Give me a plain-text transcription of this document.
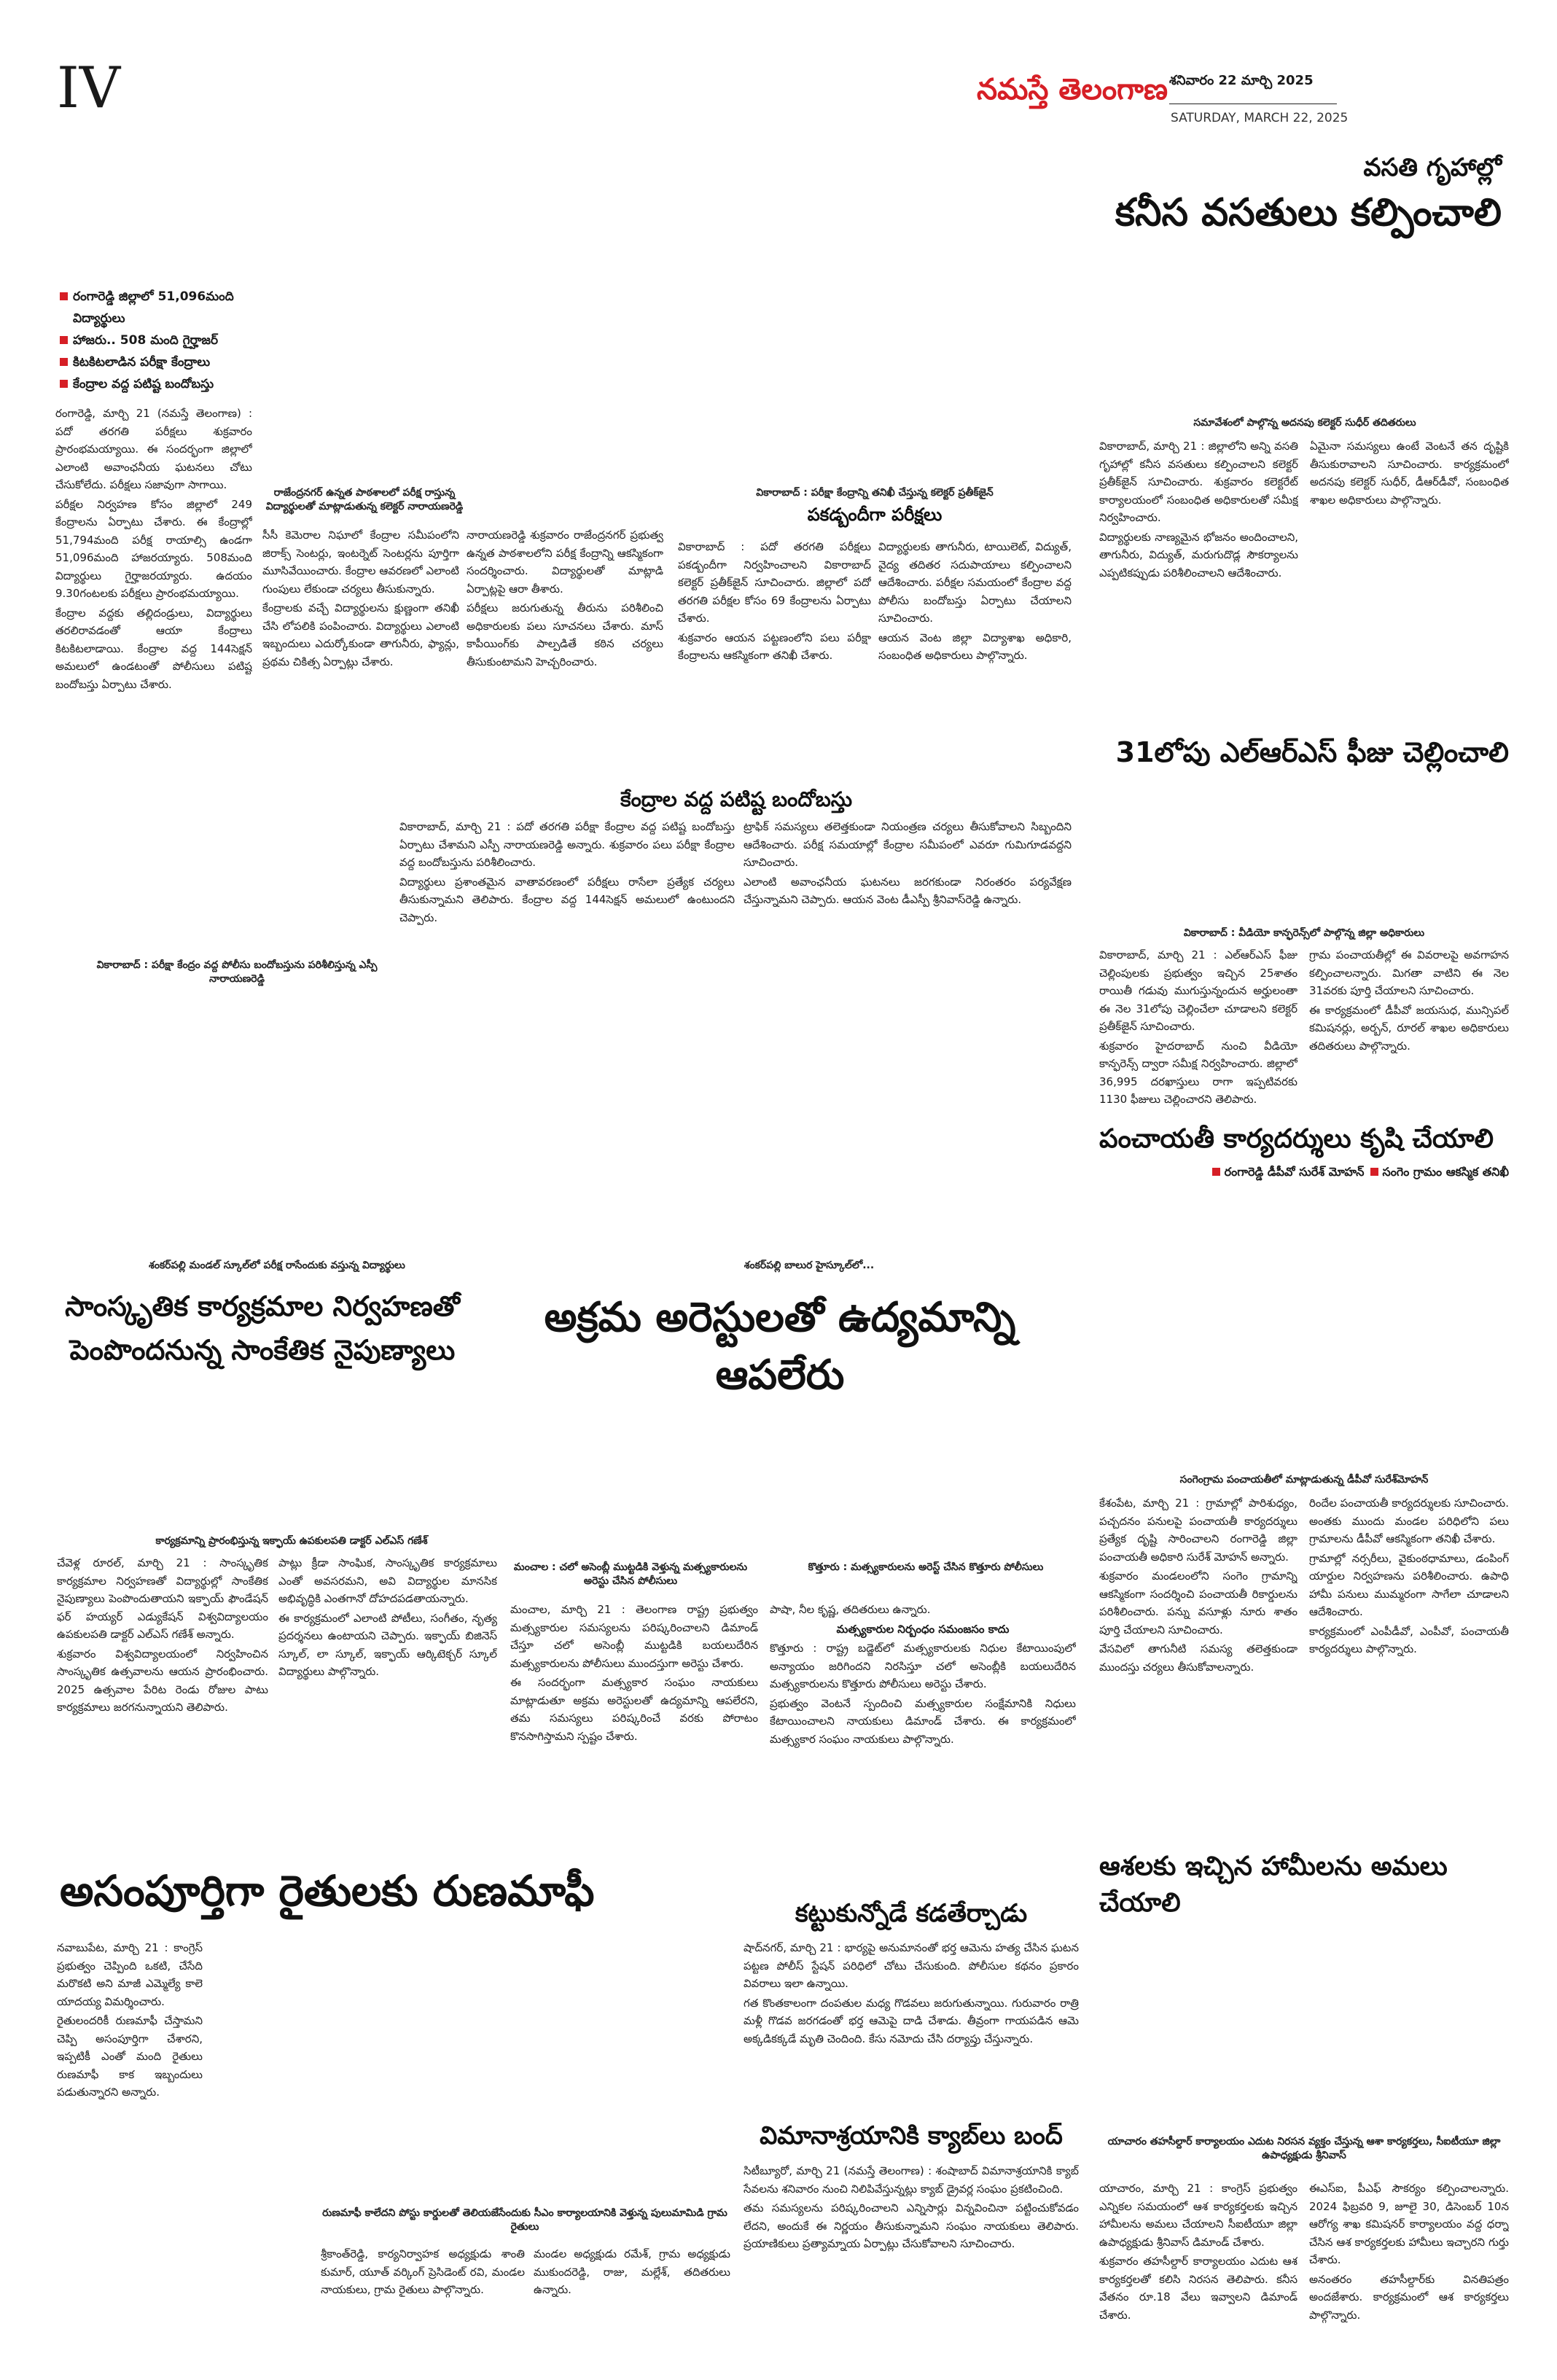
IV	నమస్తే తెలంగాణ శనివారం 22 మార్చి 2025
SATURDAY, MARCH 22, 2025
వసతి గృహాల్లో
కనీస వసతులు కల్పించాలి
సమావేశంలో పాల్గొన్న అదనపు కలెక్టర్ సుధీర్ తదితరులు

వికారాబాద్, మార్చి 21 : జిల్లాలోని అన్ని వసతి గృహాల్లో కనీస వసతులు కల్పించాలని కలెక్టర్ ప్రతీక్‌జైన్ సూచించారు. శుక్రవారం కలెక్టరేట్ కార్యాలయంలో సంబంధిత అధికారులతో సమీక్ష నిర్వహించారు.

విద్యార్థులకు నాణ్యమైన భోజనం అందించాలని, తాగునీరు, విద్యుత్, మరుగుదొడ్ల సౌకర్యాలను ఎప్పటికప్పుడు పరిశీలించాలని ఆదేశించారు.

ఏమైనా సమస్యలు ఉంటే వెంటనే తన దృష్టికి తీసుకురావాలని సూచించారు. కార్యక్రమంలో అదనపు కలెక్టర్ సుధీర్, డీఆర్‌డీవో, సంబంధిత శాఖల అధికారులు పాల్గొన్నారు.

రంగారెడ్డి జిల్లాలో 51,096మంది విద్యార్థులు
హాజరు.. 508 మంది గైర్హాజర్
కిటకిటలాడిన పరీక్షా కేంద్రాలు
కేంద్రాల వద్ద పటిష్ట బందోబస్తు

రంగారెడ్డి, మార్చి 21 (నమస్తే తెలంగాణ) : పదో తరగతి పరీక్షలు శుక్రవారం ప్రారంభమయ్యాయి. ఈ సందర్భంగా జిల్లాలో ఎలాంటి అవాంఛనీయ ఘటనలు చోటు చేసుకోలేదు. పరీక్షలు సజావుగా సాగాయి.

పరీక్షల నిర్వహణ కోసం జిల్లాలో 249 కేంద్రాలను ఏర్పాటు చేశారు. ఈ కేంద్రాల్లో 51,794మంది పరీక్ష రాయాల్సి ఉండగా 51,096మంది హాజరయ్యారు. 508మంది విద్యార్థులు గైర్హాజరయ్యారు. ఉదయం 9.30గంటలకు పరీక్షలు ప్రారంభమయ్యాయి.

కేంద్రాల వద్దకు తల్లిదండ్రులు, విద్యార్థులు తరలిరావడంతో ఆయా కేంద్రాలు కిటకిటలాడాయి. కేంద్రాల వద్ద 144సెక్షన్ అమలులో ఉండటంతో పోలీసులు పటిష్ట బందోబస్తు ఏర్పాటు చేశారు.

రాజేంద్రనగర్ ఉన్నత పాఠశాలలో పరీక్ష రాస్తున్న విద్యార్థులతో మాట్లాడుతున్న కలెక్టర్ నారాయణరెడ్డి

సీసీ కెమెరాల నిఘాలో కేంద్రాల సమీపంలోని జిరాక్స్ సెంటర్లు, ఇంటర్నెట్ సెంటర్లను పూర్తిగా మూసివేయించారు. కేంద్రాల ఆవరణలో ఎలాంటి గుంపులు లేకుండా చర్యలు తీసుకున్నారు.

కేంద్రాలకు వచ్చే విద్యార్థులను క్షుణ్ణంగా తనిఖీ చేసి లోపలికి పంపించారు. విద్యార్థులు ఎలాంటి ఇబ్బందులు ఎదుర్కోకుండా తాగునీరు, ఫ్యాన్లు, ప్రథమ చికిత్స ఏర్పాట్లు చేశారు.

నారాయణరెడ్డి శుక్రవారం రాజేంద్రనగర్ ప్రభుత్వ ఉన్నత పాఠశాలలోని పరీక్ష కేంద్రాన్ని ఆకస్మికంగా సందర్శించారు. విద్యార్థులతో మాట్లాడి ఏర్పాట్లపై ఆరా తీశారు.

పరీక్షలు జరుగుతున్న తీరును పరిశీలించి అధికారులకు పలు సూచనలు చేశారు. మాస్ కాపీయింగ్‌కు పాల్పడితే కఠిన చర్యలు తీసుకుంటామని హెచ్చరించారు.

వికారాబాద్ : పరీక్షా కేంద్రాన్ని తనిఖీ చేస్తున్న కలెక్టర్ ప్రతీక్‌జైన్
పకడ్బందీగా పరీక్షలు

వికారాబాద్ : పదో తరగతి పరీక్షలు పకడ్బందీగా నిర్వహించాలని వికారాబాద్ కలెక్టర్ ప్రతీక్‌జైన్ సూచించారు. జిల్లాలో పదో తరగతి పరీక్షల కోసం 69 కేంద్రాలను ఏర్పాటు చేశారు.

శుక్రవారం ఆయన పట్టణంలోని పలు పరీక్షా కేంద్రాలను ఆకస్మికంగా తనిఖీ చేశారు.

విద్యార్థులకు తాగునీరు, టాయిలెట్, విద్యుత్, వైద్య తదితర సదుపాయాలు కల్పించాలని ఆదేశించారు. పరీక్షల సమయంలో కేంద్రాల వద్ద పోలీసు బందోబస్తు ఏర్పాటు చేయాలని సూచించారు.

ఆయన వెంట జిల్లా విద్యాశాఖ అధికారి, సంబంధిత అధికారులు పాల్గొన్నారు.

వికారాబాద్ : పరీక్షా కేంద్రం వద్ద పోలీసు బందోబస్తును పరిశీలిస్తున్న ఎస్పీ నారాయణరెడ్డి
కేంద్రాల వద్ద పటిష్ట బందోబస్తు

వికారాబాద్, మార్చి 21 : పదో తరగతి పరీక్షా కేంద్రాల వద్ద పటిష్ట బందోబస్తు ఏర్పాటు చేశామని ఎస్పీ నారాయణరెడ్డి అన్నారు. శుక్రవారం పలు పరీక్షా కేంద్రాల వద్ద బందోబస్తును పరిశీలించారు.

విద్యార్థులు ప్రశాంతమైన వాతావరణంలో పరీక్షలు రాసేలా ప్రత్యేక చర్యలు తీసుకున్నామని తెలిపారు. కేంద్రాల వద్ద 144సెక్షన్ అమలులో ఉంటుందని చెప్పారు.

ట్రాఫిక్ సమస్యలు తలెత్తకుండా నియంత్రణ చర్యలు తీసుకోవాలని సిబ్బందిని ఆదేశించారు. పరీక్ష సమయాల్లో కేంద్రాల సమీపంలో ఎవరూ గుమిగూడవద్దని సూచించారు.

ఎలాంటి అవాంఛనీయ ఘటనలు జరగకుండా నిరంతరం పర్యవేక్షణ చేస్తున్నామని చెప్పారు. ఆయన వెంట డీఎస్పీ శ్రీనివాస్‌రెడ్డి ఉన్నారు.

31లోపు ఎల్ఆర్ఎస్ ఫీజు చెల్లించాలి
వికారాబాద్ : వీడియో కాన్ఫరెన్స్‌లో పాల్గొన్న జిల్లా అధికారులు

వికారాబాద్, మార్చి 21 : ఎల్‌ఆర్‌ఎస్ ఫీజు చెల్లింపులకు ప్రభుత్వం ఇచ్చిన 25శాతం రాయితీ గడువు ముగుస్తున్నందున అర్హులంతా ఈ నెల 31లోపు చెల్లించేలా చూడాలని కలెక్టర్ ప్రతీక్‌జైన్ సూచించారు.

శుక్రవారం హైదరాబాద్ నుంచి వీడియో కాన్ఫరెన్స్ ద్వారా సమీక్ష నిర్వహించారు. జిల్లాలో 36,995 దరఖాస్తులు రాగా ఇప్పటివరకు 1130 ఫీజులు చెల్లించారని తెలిపారు.

గ్రామ పంచాయతీల్లో ఈ వివరాలపై అవగాహన కల్పించాలన్నారు. మిగతా వాటిని ఈ నెల 31వరకు పూర్తి చేయాలని సూచించారు.

ఈ కార్యక్రమంలో డీపీవో జయసుధ, మున్సిపల్ కమిషనర్లు, అర్బన్, రూరల్ శాఖల అధికారులు తదితరులు పాల్గొన్నారు.

పంచాయతీ కార్యదర్శులు కృషి చేయాలి
రంగారెడ్డి డీపీవో సురేశ్ మోహన్ సంగెం గ్రామం ఆకస్మిక తనిఖీ
సంగెంగ్రామ పంచాయతీలో మాట్లాడుతున్న డీపీవో సురేశ్‌మోహన్

కేశంపేట, మార్చి 21 : గ్రామాల్లో పారిశుధ్యం, పచ్చదనం పనులపై పంచాయతీ కార్యదర్శులు ప్రత్యేక దృష్టి సారించాలని రంగారెడ్డి జిల్లా పంచాయతీ అధికారి సురేశ్ మోహన్ అన్నారు.

శుక్రవారం మండలంలోని సంగెం గ్రామాన్ని ఆకస్మికంగా సందర్శించి పంచాయతీ రికార్డులను పరిశీలించారు. పన్ను వసూళ్లు నూరు శాతం పూర్తి చేయాలని సూచించారు.

వేసవిలో తాగునీటి సమస్య తలెత్తకుండా ముందస్తు చర్యలు తీసుకోవాలన్నారు.

రిందేల పంచాయతీ కార్యదర్శులకు సూచించారు. అంతకు ముందు మండల పరిధిలోని పలు గ్రామాలను డీపీవో ఆకస్మికంగా తనిఖీ చేశారు.

గ్రామాల్లో నర్సరీలు, వైకుంఠధామాలు, డంపింగ్ యార్డుల నిర్వహణను పరిశీలించారు. ఉపాధి హామీ పనులు ముమ్మరంగా సాగేలా చూడాలని ఆదేశించారు.

కార్యక్రమంలో ఎంపీడీవో, ఎంపీవో, పంచాయతీ కార్యదర్శులు పాల్గొన్నారు.

ఆశలకు ఇచ్చిన హామీలను అమలు చేయాలి
శంకర్‌పల్లి మండల్ స్కూల్‌లో పరీక్ష రాసేందుకు వస్తున్న విద్యార్థులు
సాంస్కృతిక కార్యక్రమాల నిర్వహణతో
పెంపొందనున్న సాంకేతిక నైపుణ్యాలు
కార్యక్రమాన్ని ప్రారంభిస్తున్న ఇక్ఫాయ్ ఉపకులపతి డాక్టర్ ఎల్ఎస్ గణేశ్

చేవెళ్ల రూరల్, మార్చి 21 : సాంస్కృతిక కార్యక్రమాల నిర్వహణతో విద్యార్థుల్లో సాంకేతిక నైపుణ్యాలు పెంపొందుతాయని ఇక్ఫాయ్ ఫౌండేషన్ ఫర్ హయ్యర్ ఎడ్యుకేషన్ విశ్వవిద్యాలయం ఉపకులపతి డాక్టర్ ఎల్ఎస్ గణేశ్ అన్నారు.

శుక్రవారం విశ్వవిద్యాలయంలో నిర్వహించిన సాంస్కృతిక ఉత్సవాలను ఆయన ప్రారంభించారు. 2025 ఉత్సవాల పేరిట రెండు రోజుల పాటు కార్యక్రమాలు జరగనున్నాయని తెలిపారు.

పాట్లు క్రీడా సాంఘిక, సాంస్కృతిక కార్యక్రమాలు ఎంతో అవసరమని, అవి విద్యార్థుల మానసిక అభివృద్ధికి ఎంతగానో దోహదపడతాయన్నారు.

ఈ కార్యక్రమంలో ఎలాంటి పోటీలు, సంగీతం, నృత్య ప్రదర్శనలు ఉంటాయని చెప్పారు. ఇక్ఫాయ్ బిజినెస్ స్కూల్, లా స్కూల్, ఇక్ఫాయ్ ఆర్కిటెక్చర్ స్కూల్ విద్యార్థులు పాల్గొన్నారు.

శంకర్‌పల్లి బాలుర హైస్కూల్‌లో...
అక్రమ అరెస్టులతో ఉద్యమాన్ని ఆపలేరు
మంచాల : చలో అసెంబ్లీ ముట్టడికి వెళ్తున్న మత్స్యకారులను అరెస్టు చేసిన పోలీసులు
కొత్తూరు : మత్స్యకారులను అరెస్ట్ చేసిన కొత్తూరు పోలీసులు

మంచాల, మార్చి 21 : తెలంగాణ రాష్ట్ర ప్రభుత్వం మత్స్యకారుల సమస్యలను పరిష్కరించాలని డిమాండ్ చేస్తూ చలో అసెంబ్లీ ముట్టడికి బయలుదేరిన మత్స్యకారులను పోలీసులు ముందస్తుగా అరెస్టు చేశారు.

ఈ సందర్భంగా మత్స్యకార సంఘం నాయకులు మాట్లాడుతూ అక్రమ అరెస్టులతో ఉద్యమాన్ని ఆపలేరని, తమ సమస్యలు పరిష్కరించే వరకు పోరాటం కొనసాగిస్తామని స్పష్టం చేశారు.

పాషా, నీల కృష్ణ, తదితరులు ఉన్నారు.

మత్స్యకారుల నిర్బంధం సమంజసం కాదు

కొత్తూరు : రాష్ట్ర బడ్జెట్‌లో మత్స్యకారులకు నిధుల కేటాయింపులో అన్యాయం జరిగిందని నిరసిస్తూ చలో అసెంబ్లీకి బయలుదేరిన మత్స్యకారులను కొత్తూరు పోలీసులు అరెస్టు చేశారు.

ప్రభుత్వం వెంటనే స్పందించి మత్స్యకారుల సంక్షేమానికి నిధులు కేటాయించాలని నాయకులు డిమాండ్ చేశారు. ఈ కార్యక్రమంలో మత్స్యకార సంఘం నాయకులు పాల్గొన్నారు.

అసంపూర్తిగా రైతులకు రుణమాఫీ

నవాబుపేట, మార్చి 21 : కాంగ్రెస్ ప్రభుత్వం చెప్పింది ఒకటి, చేసేది మరొకటి అని మాజీ ఎమ్మెల్యే కాలె యాదయ్య విమర్శించారు.

రైతులందరికీ రుణమాఫీ చేస్తామని చెప్పి అసంపూర్తిగా చేశారని, ఇప్పటికీ ఎంతో మంది రైతులు రుణమాఫీ కాక ఇబ్బందులు పడుతున్నారని అన్నారు.

రుణమాఫీ కాలేదని పోస్టు కార్డులతో తెలియజేసేందుకు సీఎం కార్యాలయానికి వెళ్తున్న పులుమామిడి గ్రామ రైతులు

శ్రీకాంత్‌రెడ్డి, కార్యనిర్వాహక అధ్యక్షుడు శాంతి కుమార్, యూత్ వర్కింగ్ ప్రెసిడెంట్ రవి, మండల నాయకులు, గ్రామ రైతులు పాల్గొన్నారు.

మండల అధ్యక్షుడు రమేశ్, గ్రామ అధ్యక్షుడు ముకుందరెడ్డి, రాజు, మల్లేశ్, తదితరులు ఉన్నారు.

కట్టుకున్నోడే కడతేర్చాడు

షాద్‌నగర్, మార్చి 21 : భార్యపై అనుమానంతో భర్త ఆమెను హత్య చేసిన ఘటన పట్టణ పోలీస్ స్టేషన్ పరిధిలో చోటు చేసుకుంది. పోలీసుల కథనం ప్రకారం వివరాలు ఇలా ఉన్నాయి.

గత కొంతకాలంగా దంపతుల మధ్య గొడవలు జరుగుతున్నాయి. గురువారం రాత్రి మళ్లీ గొడవ జరగడంతో భర్త ఆమెపై దాడి చేశాడు. తీవ్రంగా గాయపడిన ఆమె అక్కడికక్కడే మృతి చెందింది. కేసు నమోదు చేసి దర్యాప్తు చేస్తున్నారు.

విమానాశ్రయానికి క్యాబ్‌లు బంద్

సిటీబ్యూరో, మార్చి 21 (నమస్తే తెలంగాణ) : శంషాబాద్ విమానాశ్రయానికి క్యాబ్ సేవలను శనివారం నుంచి నిలిపివేస్తున్నట్లు క్యాబ్ డ్రైవర్ల సంఘం ప్రకటించింది.

తమ సమస్యలను పరిష్కరించాలని ఎన్నిసార్లు విన్నవించినా పట్టించుకోవడం లేదని, అందుకే ఈ నిర్ణయం తీసుకున్నామని సంఘం నాయకులు తెలిపారు. ప్రయాణికులు ప్రత్యామ్నాయ ఏర్పాట్లు చేసుకోవాలని సూచించారు.

యాచారం తహసీల్దార్ కార్యాలయం ఎదుట నిరసన వ్యక్తం చేస్తున్న ఆశా కార్యకర్తలు, సీఐటీయూ జిల్లా ఉపాధ్యక్షుడు శ్రీనివాస్

యాచారం, మార్చి 21 : కాంగ్రెస్ ప్రభుత్వం ఎన్నికల సమయంలో ఆశ కార్యకర్తలకు ఇచ్చిన హామీలను అమలు చేయాలని సీఐటీయూ జిల్లా ఉపాధ్యక్షుడు శ్రీనివాస్ డిమాండ్ చేశారు.

శుక్రవారం తహసీల్దార్ కార్యాలయం ఎదుట ఆశ కార్యకర్తలతో కలిసి నిరసన తెలిపారు. కనీస వేతనం రూ.18 వేలు ఇవ్వాలని డిమాండ్ చేశారు.

ఈఎస్ఐ, పీఎఫ్ సౌకర్యం కల్పించాలన్నారు. 2024 ఫిబ్రవరి 9, జూలై 30, డిసెంబర్ 10న ఆరోగ్య శాఖ కమిషనర్ కార్యాలయం వద్ద ధర్నా చేసిన ఆశ కార్యకర్తలకు హామీలు ఇచ్చారని గుర్తు చేశారు.

అనంతరం తహసీల్దార్‌కు వినతిపత్రం అందజేశారు. కార్యక్రమంలో ఆశ కార్యకర్తలు పాల్గొన్నారు.
